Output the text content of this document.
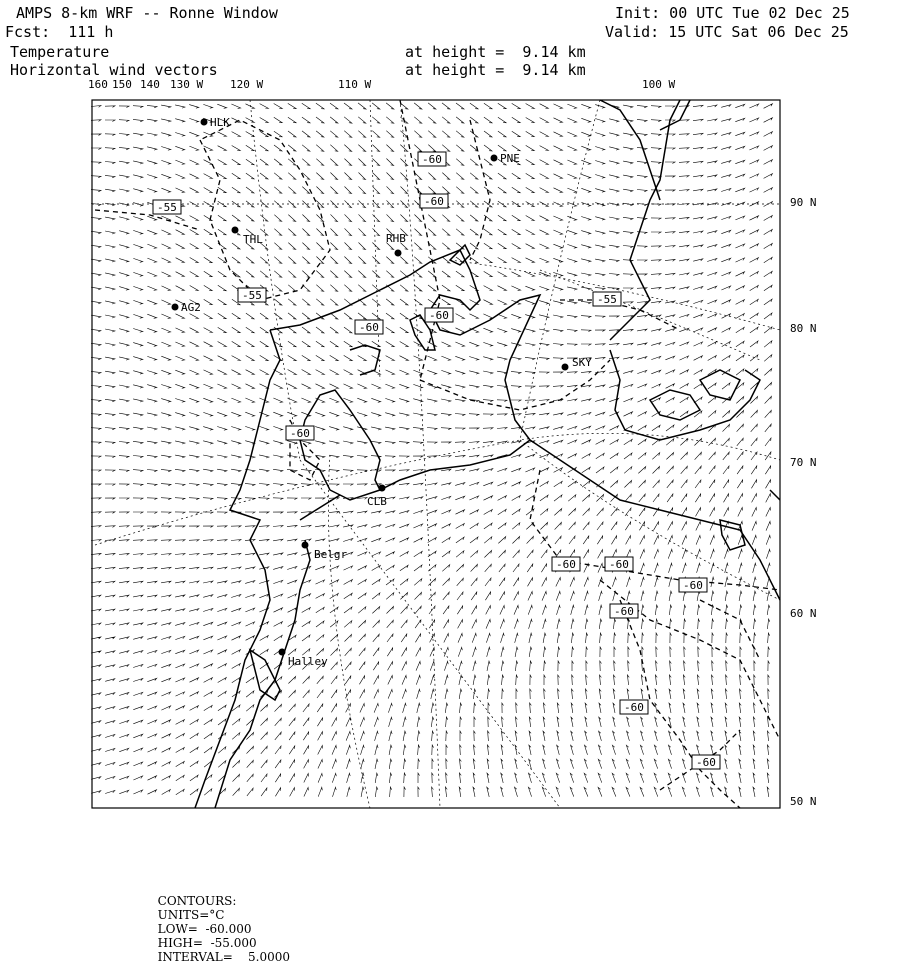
AMPS 8-km WRF -- Ronne Window
Fcst:  111 h
Temperature
Horizontal wind vectors
at height =  9.14 km
at height =  9.14 km
Init: 00 UTC Tue 02 Dec 25
Valid: 15 UTC Sat 06 Dec 25
HLK
PNE
THL	RHB
AG2
SKY
CLB
Belgr
Halley
-60
-60
-55
-55
-60
-60
-55
-60
-60	-60
-60
-60
-60
-60
160 150 140 130 W 120 W	110 W	100 W
90 N
80 N
70 N
60 N
50 N

CONTOURS:
UNITS=°C
LOW=  -60.000
HIGH=  -55.000
INTERVAL=    5.0000
